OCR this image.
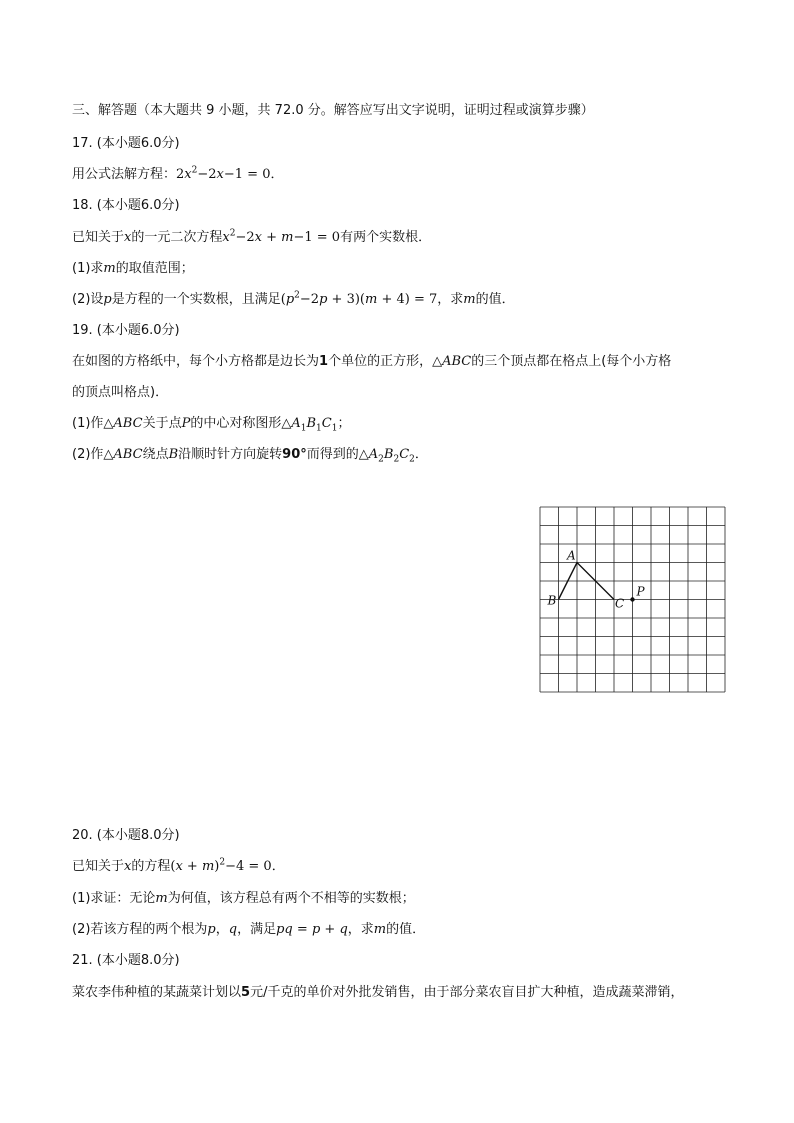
三、解答题（本大题共 9 小题，共 72.0 分。解答应写出文字说明，证明过程或演算步骤）
17. (本小题6.0分)
用公式法解方程：$2x^2-2x-1 = 0$．
18. (本小题6.0分)
已知关于x的一元二次方程$x^2-2x + m-1 = 0$有两个实数根．
(1)求m的取值范围；
(2)设p是方程的一个实数根，且满足$(p^2-2p + 3)(m + 4) = 7$，求m的值．
19. (本小题6.0分)
在如图的方格纸中，每个小方格都是边长为1个单位的正方形，△ABC的三个顶点都在格点上(每个小方格
的顶点叫格点)．
(1)作△ABC关于点P的中心对称图形$\triangle A_1B_1C_1$；
(2)作△ABC绕点B沿顺时针方向旋转90°而得到的$\triangle A_2B_2C_2$．
A
B	C
P
20. (本小题8.0分)
已知关于x的方程$(x + m)^2-4 = 0$．
(1)求证：无论m为何值，该方程总有两个不相等的实数根；
(2)若该方程的两个根为p，q，满足pq = p + q，求m的值．
21. (本小题8.0分)
菜农李伟种植的某蔬菜计划以5元/千克的单价对外批发销售，由于部分菜农盲目扩大种植，造成蔬菜滞销，
